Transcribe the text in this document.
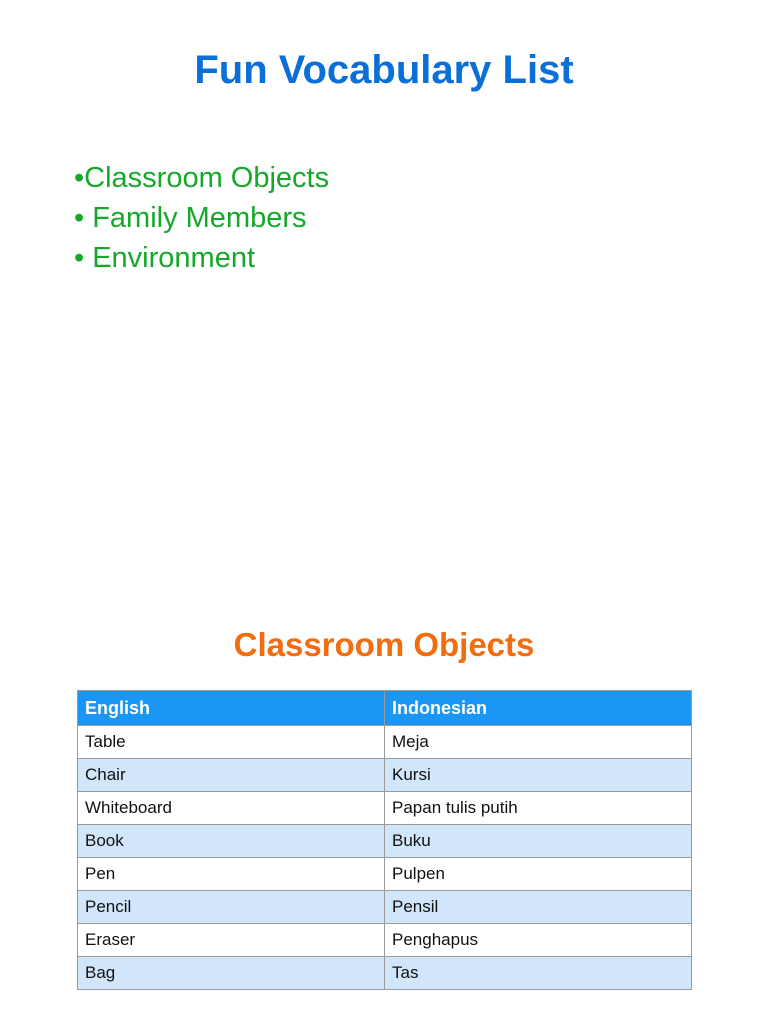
Fun Vocabulary List
•Classroom Objects
• Family Members
• Environment
Classroom Objects
English	Indonesian
Table	Meja
Chair	Kursi
Whiteboard	Papan tulis putih
Book	Buku
Pen	Pulpen
Pencil	Pensil
Eraser	Penghapus
Bag	Tas
